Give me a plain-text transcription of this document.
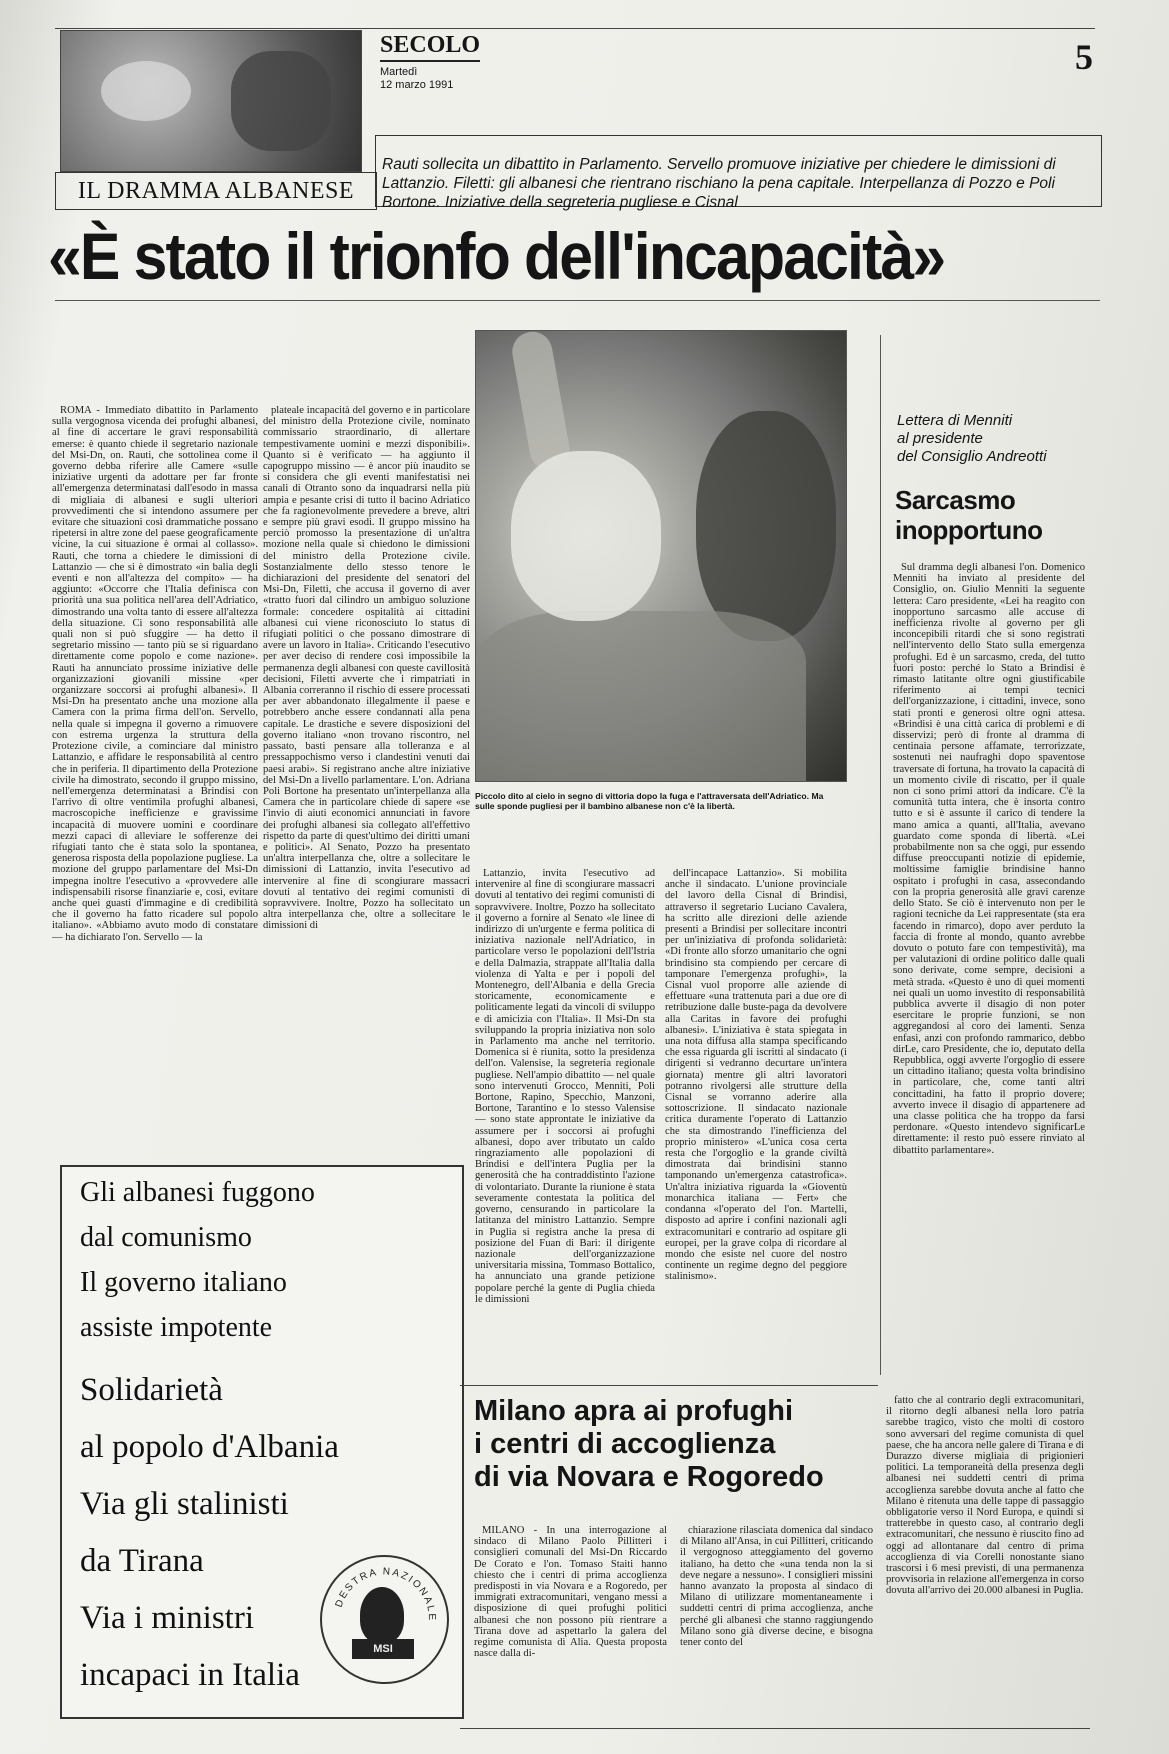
IL DRAMMA ALBANESE
SECOLO
Martedì
12 marzo 1991
5
Rauti sollecita un dibattito in Parlamento. Servello promuove iniziative per chiedere le dimissioni di Lattanzio. Filetti: gli albanesi che rientrano rischiano la pena capitale. Interpellanza di Pozzo e Poli Bortone. Iniziative della segreteria pugliese e Cisnal
«È stato il trionfo dell'incapacità»

ROMA - Immediato dibattito in Parlamento sulla vergognosa vicenda dei profughi albanesi, al fine di accertare le gravi responsabilità emerse: è quanto chiede il segretario nazionale del Msi-Dn, on. Rauti, che sottolinea come il governo debba riferire alle Camere «sulle iniziative urgenti da adottare per far fronte all'emergenza determinatasi dall'esodo in massa di migliaia di albanesi e sugli ulteriori provvedimenti che si intendono assumere per evitare che situazioni così drammatiche possano ripetersi in altre zone del paese geograficamente vicine, la cui situazione è ormai al collasso». Rauti, che torna a chiedere le dimissioni di Lattanzio — che si è dimostrato «in balia degli eventi e non all'altezza del compito» — ha aggiunto: «Occorre che l'Italia definisca con priorità una sua politica nell'area dell'Adriatico, dimostrando una volta tanto di essere all'altezza della situazione. Ci sono responsabilità alle quali non si può sfuggire — ha detto il segretario missino — tanto più se si riguardano direttamente come popolo e come nazione». Rauti ha annunciato prossime iniziative delle organizzazioni giovanili missine «per organizzare soccorsi ai profughi albanesi». Il Msi-Dn ha presentato anche una mozione alla Camera con la prima firma dell'on. Servello, nella quale si impegna il governo a rimuovere con estrema urgenza la struttura della Protezione civile, a cominciare dal ministro Lattanzio, e affidare le responsabilità al centro che in periferia. Il dipartimento della Protezione civile ha dimostrato, secondo il gruppo missino, nell'emergenza determinatasi a Brindisi con l'arrivo di oltre ventimila profughi albanesi, macroscopiche inefficienze e gravissime incapacità di muovere uomini e coordinare mezzi capaci di alleviare le sofferenze dei rifugiati tanto che è stata solo la spontanea, generosa risposta della popolazione pugliese. La mozione del gruppo parlamentare del Msi-Dn impegna inoltre l'esecutivo a «provvedere alle indispensabili risorse finanziarie e, così, evitare anche quei guasti d'immagine e di credibilità che il governo ha fatto ricadere sul popolo italiano». «Abbiamo avuto modo di constatare — ha dichiarato l'on. Servello — la

plateale incapacità del governo e in particolare del ministro della Protezione civile, nominato commissario straordinario, di allertare tempestivamente uomini e mezzi disponibili». Quanto si è verificato — ha aggiunto il capogruppo missino — è ancor più inaudito se si considera che gli eventi manifestatisi nei canali di Otranto sono da inquadrarsi nella più ampia e pesante crisi di tutto il bacino Adriatico che fa ragionevolmente prevedere a breve, altri e sempre più gravi esodi. Il gruppo missino ha perciò promosso la presentazione di un'altra mozione nella quale si chiedono le dimissioni del ministro della Protezione civile. Sostanzialmente dello stesso tenore le dichiarazioni del presidente del senatori del Msi-Dn, Filetti, che accusa il governo di aver «tratto fuori dal cilindro un ambiguo soluzione formale: concedere ospitalità ai cittadini albanesi cui viene riconosciuto lo status di rifugiati politici o che possano dimostrare di avere un lavoro in Italia». Criticando l'esecutivo per aver deciso di rendere così impossibile la permanenza degli albanesi con queste cavillosità decisioni, Filetti avverte che i rimpatriati in Albania correranno il rischio di essere processati per aver abbandonato illegalmente il paese e potrebbero anche essere condannati alla pena capitale. Le drastiche e severe disposizioni del governo italiano «non trovano riscontro, nel passato, basti pensare alla tolleranza e al pressappochismo verso i clandestini venuti dai paesi arabi». Si registrano anche altre iniziative del Msi-Dn a livello parlamentare. L'on. Adriana Poli Bortone ha presentato un'interpellanza alla Camera che in particolare chiede di sapere «se l'invio di aiuti economici annunciati in favore dei profughi albanesi sia collegato all'effettivo rispetto da parte di quest'ultimo dei diritti umani e politici». Al Senato, Pozzo ha presentato un'altra interpellanza che, oltre a sollecitare le dimissioni di Lattanzio, invita l'esecutivo ad intervenire al fine di scongiurare massacri dovuti al tentativo dei regimi comunisti di sopravvivere. Inoltre, Pozzo ha sollecitato un altra interpellanza che, oltre a sollecitare le dimissioni di

Piccolo dito al cielo in segno di vittoria dopo la fuga e l'attraversata dell'Adriatico. Ma sulle sponde pugliesi per il bambino albanese non c'è la libertà.

Lattanzio, invita l'esecutivo ad intervenire al fine di scongiurare massacri dovuti al tentativo dei regimi comunisti di sopravvivere. Inoltre, Pozzo ha sollecitato il governo a fornire al Senato «le linee di indirizzo di un'urgente e ferma politica di iniziativa nazionale nell'Adriatico, in particolare verso le popolazioni dell'Istria e della Dalmazia, strappate all'Italia dalla violenza di Yalta e per i popoli del Montenegro, dell'Albania e della Grecia storicamente, economicamente e politicamente legati da vincoli di sviluppo e di amicizia con l'Italia». Il Msi-Dn sta sviluppando la propria iniziativa non solo in Parlamento ma anche nel territorio. Domenica si è riunita, sotto la presidenza dell'on. Valensise, la segreteria regionale pugliese. Nell'ampio dibattito — nel quale sono intervenuti Grocco, Menniti, Poli Bortone, Rapino, Specchio, Manzoni, Bortone, Tarantino e lo stesso Valensise — sono state approntate le iniziative da assumere per i soccorsi ai profughi albanesi, dopo aver tributato un caldo ringraziamento alle popolazioni di Brindisi e dell'intera Puglia per la generosità che ha contraddistinto l'azione di volontariato. Durante la riunione è stata severamente contestata la politica del governo, censurando in particolare la latitanza del ministro Lattanzio. Sempre in Puglia si registra anche la presa di posizione del Fuan di Bari: il dirigente nazionale dell'organizzazione universitaria missina, Tommaso Bottalico, ha annunciato una grande petizione popolare perché la gente di Puglia chieda le dimissioni

dell'incapace Lattanzio». Si mobilita anche il sindacato. L'unione provinciale del lavoro della Cisnal di Brindisi, attraverso il segretario Luciano Cavalera, ha scritto alle direzioni delle aziende presenti a Brindisi per sollecitare incontri per un'iniziativa di profonda solidarietà: «Di fronte allo sforzo umanitario che ogni brindisino sta compiendo per cercare di tamponare l'emergenza profughi», la Cisnal vuol proporre alle aziende di effettuare «una trattenuta pari a due ore di retribuzione dalle buste-paga da devolvere alla Caritas in favore dei profughi albanesi». L'iniziativa è stata spiegata in una nota diffusa alla stampa specificando che essa riguarda gli iscritti al sindacato (i dirigenti si vedranno decurtare un'intera giornata) mentre gli altri lavoratori potranno rivolgersi alle strutture della Cisnal se vorranno aderire alla sottoscrizione. Il sindacato nazionale critica duramente l'operato di Lattanzio che sta dimostrando l'inefficienza del proprio ministero» «L'unica cosa certa resta che l'orgoglio e la grande civiltà dimostrata dai brindisini stanno tamponando un'emergenza catastrofica». Un'altra iniziativa riguarda la «Gioventù monarchica italiana — Fert» che condanna «l'operato del l'on. Martelli, disposto ad aprire i confini nazionali agli extracomunitari e contrario ad ospitare gli europei, per la grave colpa di ricordare al mondo che esiste nel cuore del nostro continente un regime degno del peggiore stalinismo».

Lettera di Menniti
al presidente
del Consiglio Andreotti
Sarcasmo
inopportuno

Sul dramma degli albanesi l'on. Domenico Menniti ha inviato al presidente del Consiglio, on. Giulio Menniti la seguente lettera: Caro presidente, «Lei ha reagito con inopportuno sarcasmo alle accuse di inefficienza rivolte al governo per gli inconcepibili ritardi che si sono registrati nell'intervento dello Stato sulla emergenza profughi. Ed è un sarcasmo, creda, del tutto fuori posto: perché lo Stato a Brindisi è rimasto latitante oltre ogni giustificabile riferimento ai tempi tecnici dell'organizzazione, i cittadini, invece, sono stati pronti e generosi oltre ogni attesa. «Brindisi è una città carica di problemi e di disservizi; però di fronte al dramma di centinaia persone affamate, terrorizzate, sostenuti nei naufraghi dopo spaventose traversate di fortuna, ha trovato la capacità di un momento civile di riscatto, per il quale non ci sono primi attori da indicare. C'è la comunità tutta intera, che è insorta contro tutto e si è assunte il carico di tendere la mano amica a quanti, all'Italia, avevano guardato come sponda di libertà. «Lei probabilmente non sa che oggi, pur essendo diffuse preoccupanti notizie di epidemie, moltissime famiglie brindisine hanno ospitato i profughi in casa, assecondando con la propria generosità alle gravi carenze dello Stato. Se ciò è intervenuto non per le ragioni tecniche da Lei rappresentate (sta era facendo in rimarco), dopo aver perduto la faccia di fronte al mondo, quanto avrebbe dovuto o potuto fare con tempestività), ma per valutazioni di ordine politico dalle quali sono derivate, come sempre, decisioni a metà strada. «Questo è uno di quei momenti nei quali un uomo investito di responsabilità pubblica avverte il disagio di non poter esercitare le proprie funzioni, se non aggregandosi al coro dei lamenti. Senza enfasi, anzi con profondo rammarico, debbo dirLe, caro Presidente, che io, deputato della Repubblica, oggi avverte l'orgoglio di essere un cittadino italiano; questa volta brindisino in particolare, che, come tanti altri concittadini, ha fatto il proprio dovere; avverto invece il disagio di appartenere ad una classe politica che ha troppo da farsi perdonare. «Questo intendevo significarLe direttamente: il resto può essere rinviato al dibattito parlamentare».

Gli albanesi fuggono
dal comunismo
Il governo italiano
assiste impotente
Solidarietà
al popolo d'Albania
Via gli stalinisti
da Tirana
Via i ministri
incapaci in Italia
DESTRA NAZIONALE
MSI
Milano apra ai profughi
i centri di accoglienza
di via Novara e Rogoredo

MILANO - In una interrogazione al sindaco di Milano Paolo Pillitteri i consiglieri comunali del Msi-Dn Riccardo De Corato e l'on. Tomaso Staiti hanno chiesto che i centri di prima accoglienza predisposti in via Novara e a Rogoredo, per immigrati extracomunitari, vengano messi a disposizione di quei profughi politici albanesi che non possono più rientrare a Tirana dove ad aspettarlo la galera del regime comunista di Alia. Questa proposta nasce dalla di-

chiarazione rilasciata domenica dal sindaco di Milano all'Ansa, in cui Pillitteri, criticando il vergognoso atteggiamento del governo italiano, ha detto che «una tenda non la si deve negare a nessuno». I consiglieri missini hanno avanzato la proposta al sindaco di Milano di utilizzare momentaneamente i suddetti centri di prima accoglienza, anche perché gli albanesi che stanno raggiungendo Milano sono già diverse decine, e bisogna tener conto del

fatto che al contrario degli extracomunitari, il ritorno degli albanesi nella loro patria sarebbe tragico, visto che molti di costoro sono avversari del regime comunista di quel paese, che ha ancora nelle galere di Tirana e di Durazzo diverse migliaia di prigionieri politici. La temporaneità della presenza degli albanesi nei suddetti centri di prima accoglienza sarebbe dovuta anche al fatto che Milano è ritenuta una delle tappe di passaggio obbligatorie verso il Nord Europa, e quindi si tratterebbe in questo caso, al contrario degli extracomunitari, che nessuno è riuscito fino ad oggi ad allontanare dal centro di prima accoglienza di via Corelli nonostante siano trascorsi i 6 mesi previsti, di una permanenza provvisoria in relazione all'emergenza in corso dovuta all'arrivo dei 20.000 albanesi in Puglia.
